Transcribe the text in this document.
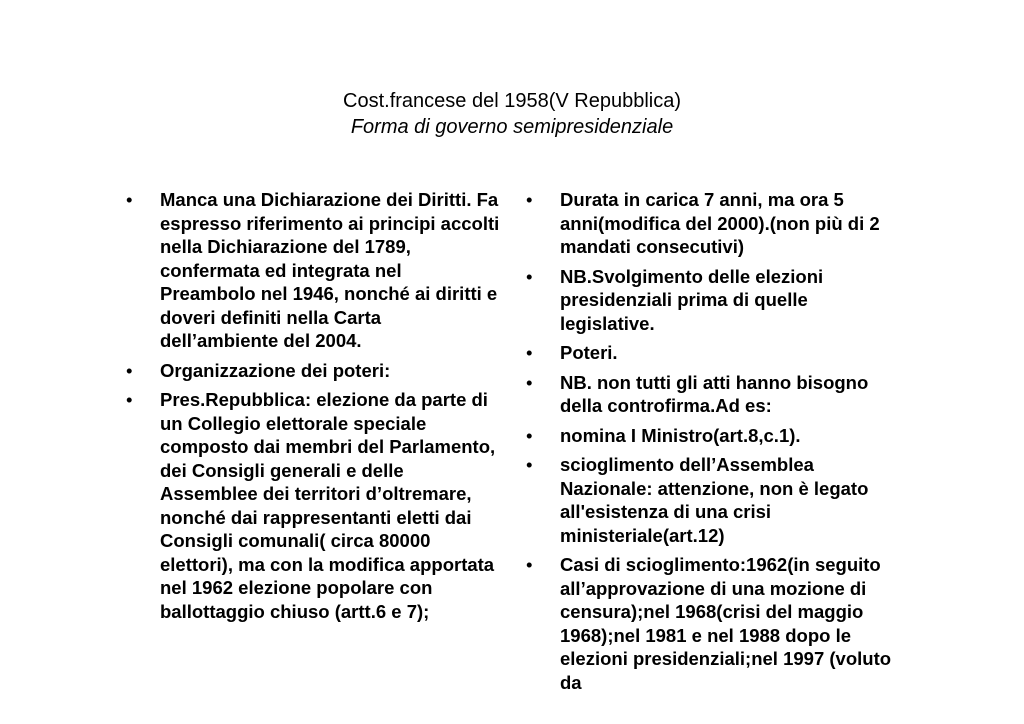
Cost.francese del 1958(V Repubblica)
Forma di governo semipresidenziale
• Manca una Dichiarazione dei Diritti. Fa espresso riferimento ai principi accolti nella Dichiarazione del 1789, confermata ed integrata nel Preambolo nel 1946, nonché ai diritti e doveri definiti nella Carta dell’ambiente del 2004.
• Organizzazione dei poteri:
• Pres.Repubblica: elezione da parte di un Collegio elettorale speciale composto dai membri del Parlamento, dei Consigli generali e delle Assemblee dei territori d’oltremare, nonché dai rappresentanti eletti dai Consigli comunali( circa 80000 elettori), ma con la modifica apportata nel 1962 elezione popolare con ballottaggio chiuso (artt.6 e 7);
• Durata in carica 7 anni, ma ora 5 anni(modifica del 2000).(non più di 2 mandati consecutivi)
• NB.Svolgimento delle elezioni presidenziali prima di quelle legislative.
• Poteri.
• NB. non tutti gli atti hanno bisogno della controfirma.Ad es:
• nomina I Ministro(art.8,c.1).
• scioglimento dell’Assemblea Nazionale: attenzione, non è legato all'esistenza di una crisi ministeriale(art.12)
• Casi di scioglimento:1962(in seguito all’approvazione di una mozione di censura);nel 1968(crisi del maggio 1968);nel 1981 e nel 1988 dopo le elezioni presidenziali;nel 1997 (voluto da
